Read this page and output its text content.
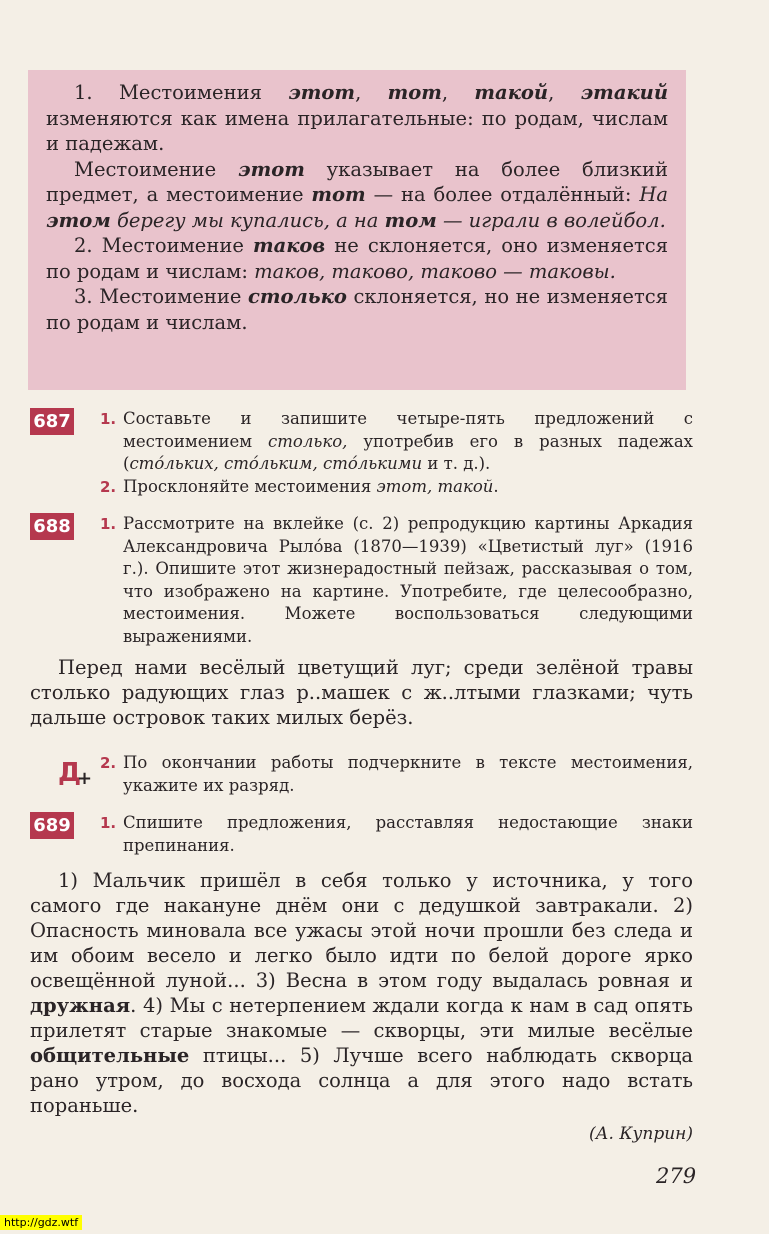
1. Местоимения этот, тот, такой, этакий изменяются как имена прилагательные: по родам, числам и падежам.

Местоимение этот указывает на более близкий предмет, а местоимение тот — на более отдалённый: На этом берегу мы купались, а на том — играли в волейбол.

2. Местоимение таков не склоняется, оно изменяется по родам и числам: таков, таково, таково — таковы.

3. Местоимение столько склоняется, но не изменяется по родам и числам.

687 1. Составьте и запишите четыре-пять предложений с местоимением столько, употребив его в разных падежах (сто́льких, сто́льким, сто́лькими и т. д.).

2. Просклоняйте местоимения этот, такой.

688 1. Рассмотрите на вклейке (с. 2) репродукцию картины Аркадия Александровича Рыло́ва (1870—1939) «Цветистый луг» (1916 г.). Опишите этот жизнерадостный пейзаж, рассказывая о том, что изображено на картине. Употребите, где целесообразно, местоимения. Можете воспользоваться следующими выражениями.

Перед нами весёлый цветущий луг; среди зелёной травы столько радующих глаз р..машек с ж..лтыми глазками; чуть дальше островок таких милых берёз.

Д
+

2. По окончании работы подчеркните в тексте местоимения, укажите их разряд.

689 1. Спишите предложения, расставляя недостающие знаки препинания.

1) Мальчик пришёл в себя только у источника, у того самого где накануне днём они с дедушкой завтракали. 2) Опасность миновала все ужасы этой ночи прошли без следа и им обоим весело и легко было идти по белой дороге ярко освещённой луной... 3) Весна в этом году выдалась ровная и дружная. 4) Мы с нетерпением ждали когда к нам в сад опять прилетят старые знакомые — скворцы, эти милые весёлые общительные птицы... 5) Лучше всего наблюдать скворца рано утром, до восхода солнца а для этого надо встать пораньше.

(А. Куприн)
279
http://gdz.wtf
